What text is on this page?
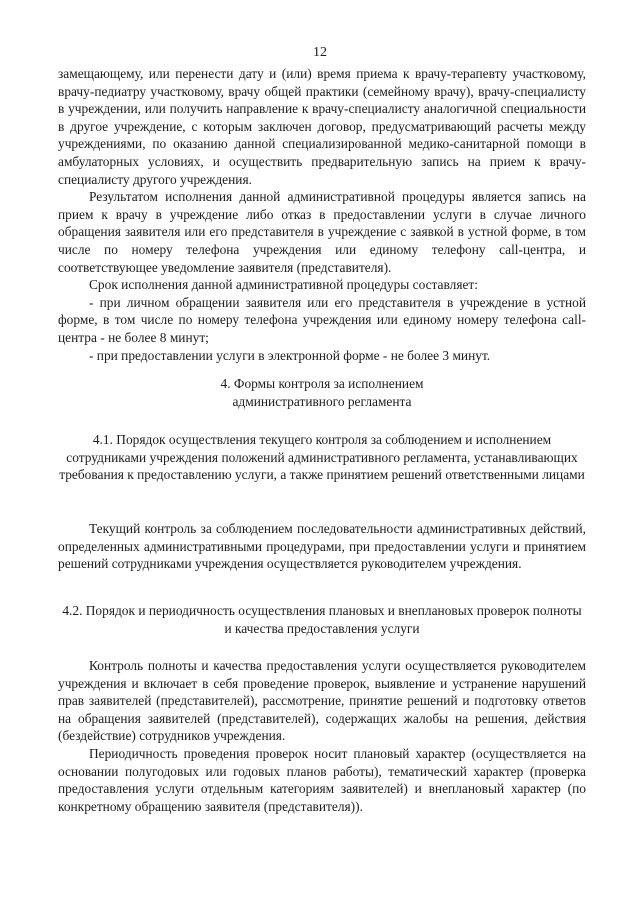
12

замещающему, или перенести дату и (или) время приема к врачу-терапевту участковому, врачу-педиатру участковому, врачу общей практики (семейному врачу), врачу-специалисту в учреждении, или получить направление к врачу-специалисту аналогичной специальности в другое учреждение, с которым заключен договор, предусматривающий расчеты между учреждениями, по оказанию данной специализированной медико-санитарной помощи в амбулаторных условиях, и осуществить предварительную запись на прием к врачу-специалисту другого учреждения.

Результатом исполнения данной административной процедуры является запись на прием к врачу в учреждение либо отказ в предоставлении услуги в случае личного обращения заявителя или его представителя в учреждение с заявкой в устной форме, в том числе по номеру телефона учреждения или единому телефону call-центра, и соответствующее уведомление заявителя (представителя).

Срок исполнения данной административной процедуры составляет:

- при личном обращении заявителя или его представителя в учреждение в устной форме, в том числе по номеру телефона учреждения или единому номеру телефона call-центра - не более 8 минут;

- при предоставлении услуги в электронной форме - не более 3 минут.

4. Формы контроля за исполнением

административного регламента

4.1. Порядок осуществления текущего контроля за соблюдением и исполнением сотрудниками учреждения положений административного регламента, устанавливающих требования к предоставлению услуги, а также принятием решений ответственными лицами

Текущий контроль за соблюдением последовательности административных действий, определенных административными процедурами, при предоставлении услуги и принятием решений сотрудниками учреждения осуществляется руководителем учреждения.

4.2. Порядок и периодичность осуществления плановых и внеплановых проверок полноты и качества предоставления услуги

Контроль полноты и качества предоставления услуги осуществляется руководителем учреждения и включает в себя проведение проверок, выявление и устранение нарушений прав заявителей (представителей), рассмотрение, принятие решений и подготовку ответов на обращения заявителей (представителей), содержащих жалобы на решения, действия (бездействие) сотрудников учреждения.

Периодичность проведения проверок носит плановый характер (осуществляется на основании полугодовых или годовых планов работы), тематический характер (проверка предоставления услуги отдельным категориям заявителей) и внеплановый характер (по конкретному обращению заявителя (представителя)).
